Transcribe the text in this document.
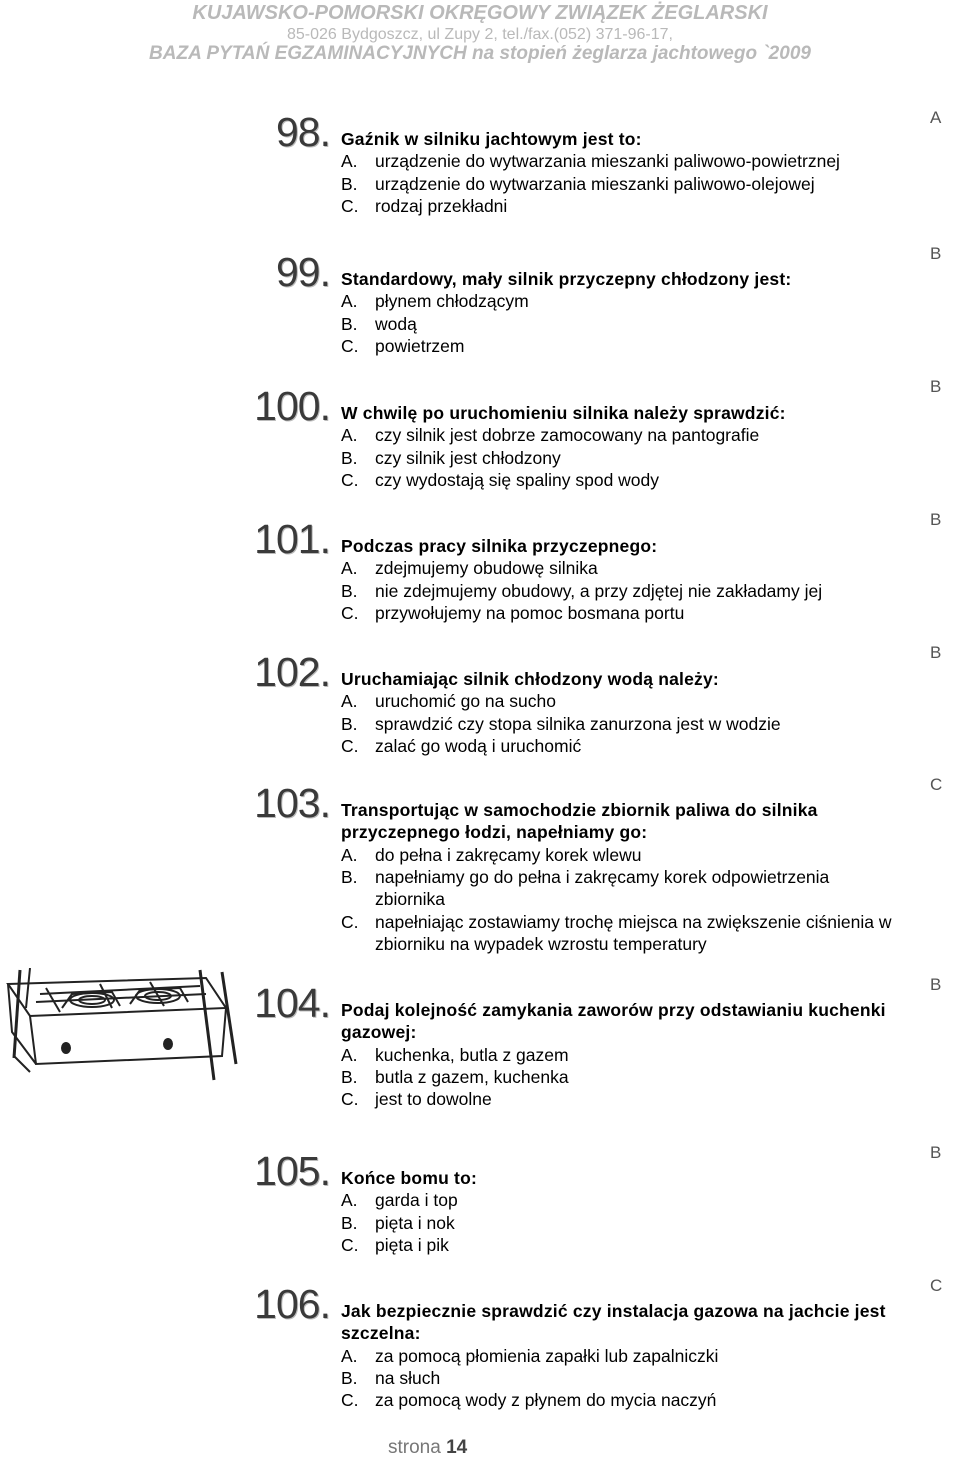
KUJAWSKO-POMORSKI OKRĘGOWY ZWIĄZEK ŻEGLARSKI
85-026 Bydgoszcz, ul Zupy 2, tel./fax.(052) 371-96-17,
BAZA PYTAŃ EGZAMINACYJNYCH na stopień żeglarza jachtowego `2009
98. Gaźnik w silniku jachtowym jest to:
A. urządzenie do wytwarzania mieszanki paliwowo-powietrznej
B. urządzenie do wytwarzania mieszanki paliwowo-olejowej
C. rodzaj przekładni
A
99. Standardowy, mały silnik przyczepny chłodzony jest:
A. płynem chłodzącym
B. wodą
C. powietrzem
B
100. W chwilę po uruchomieniu silnika należy sprawdzić:
A. czy silnik jest dobrze zamocowany na pantografie
B. czy silnik jest chłodzony
C. czy wydostają się spaliny spod wody
B
101. Podczas pracy silnika przyczepnego:
A. zdejmujemy obudowę silnika
B. nie zdejmujemy obudowy, a przy zdjętej nie zakładamy jej
C. przywołujemy na pomoc bosmana portu
B
102. Uruchamiając silnik chłodzony wodą należy:
A. uruchomić go na sucho
B. sprawdzić czy stopa silnika zanurzona jest w wodzie
C. zalać go wodą i uruchomić
B
103. Transportując w samochodzie zbiornik paliwa do silnika przyczepnego łodzi, napełniamy go:
A. do pełna i zakręcamy korek wlewu
B. napełniamy go do pełna i zakręcamy korek odpowietrzenia zbiornika
C. napełniając zostawiamy trochę miejsca na zwiększenie ciśnienia w zbiorniku na wypadek wzrostu temperatury
C
104. Podaj kolejność zamykania zaworów przy odstawianiu kuchenki gazowej:
A. kuchenka, butla z gazem
B. butla z gazem, kuchenka
C. jest to dowolne
B
105. Końce bomu to:
A. garda i top
B. pięta i nok
C. pięta i pik
B
106. Jak bezpiecznie sprawdzić czy instalacja gazowa na jachcie jest szczelna:
A. za pomocą płomienia zapałki lub zapalniczki
B. na słuch
C. za pomocą wody z płynem do mycia naczyń
C
strona 14
